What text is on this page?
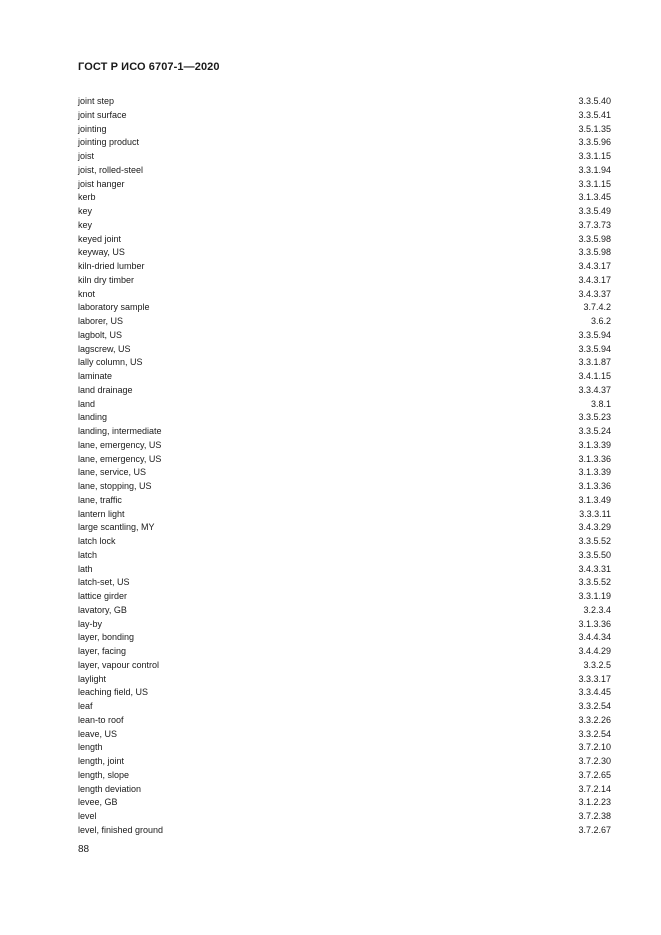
ГОСТ Р ИСО 6707-1—2020
joint step	3.3.5.40
joint surface	3.3.5.41
jointing	3.5.1.35
jointing product	3.3.5.96
joist	3.3.1.15
joist, rolled-steel	3.3.1.94
joist hanger	3.3.1.15
kerb	3.1.3.45
key	3.3.5.49
key	3.7.3.73
keyed joint	3.3.5.98
keyway, US	3.3.5.98
kiln-dried lumber	3.4.3.17
kiln dry timber	3.4.3.17
knot	3.4.3.37
laboratory sample	3.7.4.2
laborer, US	3.6.2
lagbolt, US	3.3.5.94
lagscrew, US	3.3.5.94
lally column, US	3.3.1.87
laminate	3.4.1.15
land drainage	3.3.4.37
land	3.8.1
landing	3.3.5.23
landing, intermediate	3.3.5.24
lane, emergency, US	3.1.3.39
lane, emergency, US	3.1.3.36
lane, service, US	3.1.3.39
lane, stopping, US	3.1.3.36
lane, traffic	3.1.3.49
lantern light	3.3.3.11
large scantling, MY	3.4.3.29
latch lock	3.3.5.52
latch	3.3.5.50
lath	3.4.3.31
latch-set, US	3.3.5.52
lattice girder	3.3.1.19
lavatory, GB	3.2.3.4
lay-by	3.1.3.36
layer, bonding	3.4.4.34
layer, facing	3.4.4.29
layer, vapour control	3.3.2.5
laylight	3.3.3.17
leaching field, US	3.3.4.45
leaf	3.3.2.54
lean-to roof	3.3.2.26
leave, US	3.3.2.54
length	3.7.2.10
length, joint	3.7.2.30
length, slope	3.7.2.65
length deviation	3.7.2.14
levee, GB	3.1.2.23
level	3.7.2.38
level, finished ground	3.7.2.67
88
